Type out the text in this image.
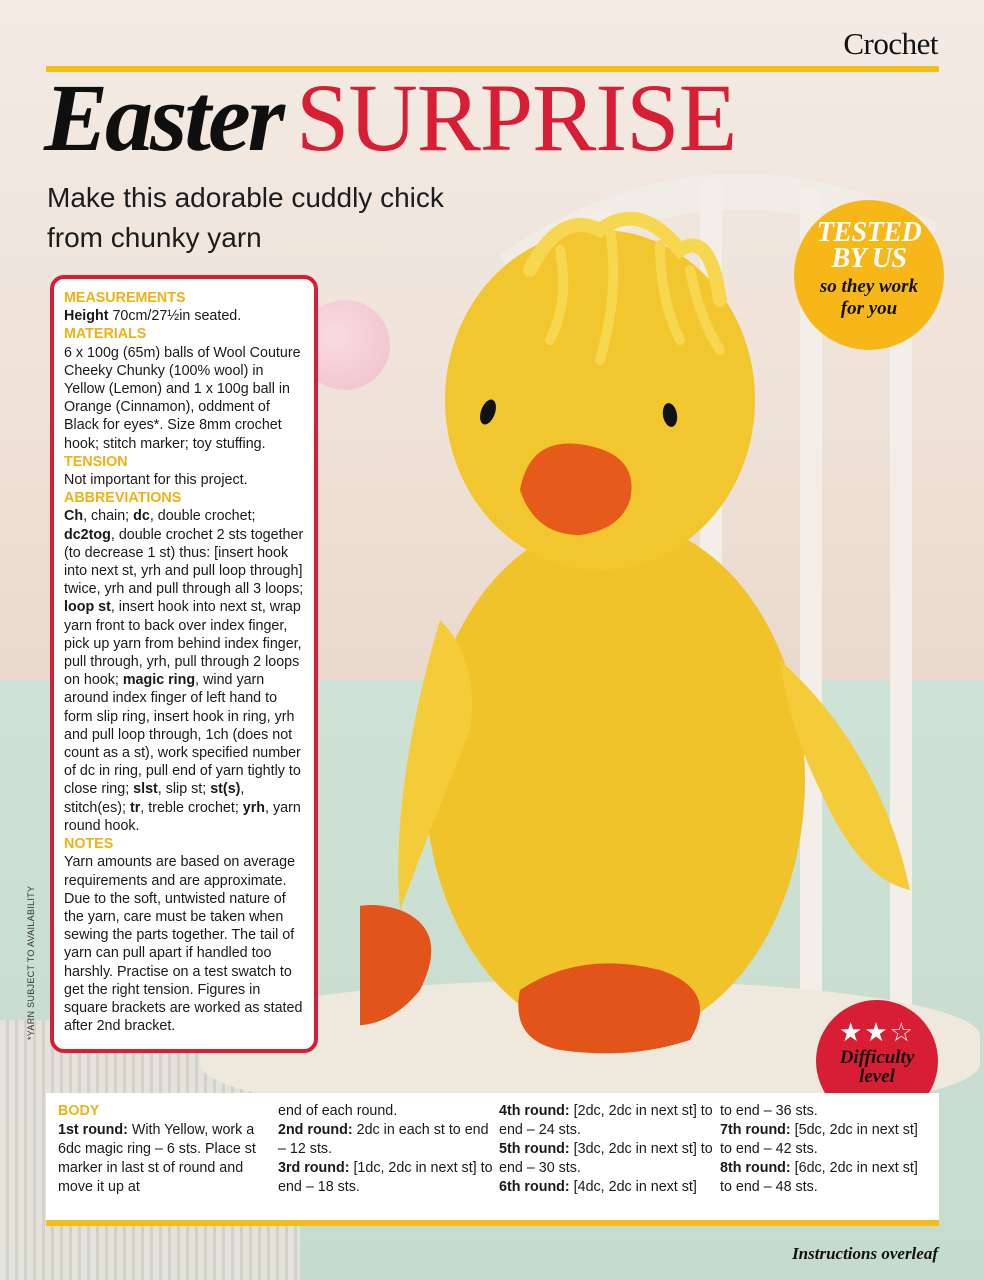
Crochet
Easter SURPRISE
Make this adorable cuddly chick from chunky yarn	TESTED
BY US
so they work
for you
MEASUREMENTS

Height 70cm/27½in seated.

MATERIALS

6 x 100g (65m) balls of Wool Couture Cheeky Chunky (100% wool) in Yellow (Lemon) and 1 x 100g ball in Orange (Cinnamon), oddment of Black for eyes*. Size 8mm crochet hook; stitch marker; toy stuffing.

TENSION

Not important for this project.

ABBREVIATIONS

Ch, chain; dc, double crochet; dc2tog, double crochet 2 sts together (to decrease 1 st) thus: [insert hook into next st, yrh and pull loop through] twice, yrh and pull through all 3 loops; loop st, insert hook into next st, wrap yarn front to back over index finger, pick up yarn from behind index finger, pull through, yrh, pull through 2 loops on hook; magic ring, wind yarn around index finger of left hand to form slip ring, insert hook in ring, yrh and pull loop through, 1ch (does not count as a st), work specified number of dc in ring, pull end of yarn tightly to close ring; slst, slip st; st(s), stitch(es); tr, treble crochet; yrh, yarn round hook.

NOTES

Yarn amounts are based on average requirements and are approximate. Due to the soft, untwisted nature of the yarn, care must be taken when sewing the parts together. The tail of yarn can pull apart if handled too harshly. Practise on a test swatch to get the right tension. Figures in square brackets are worked as stated after 2nd bracket.

*YARN SUBJECT TO AVAILABILITY	★★☆
Difficulty
level

BODY

1st round: With Yellow, work a 6dc magic ring – 6 sts. Place st marker in last st of round and move it up at

end of each round.

2nd round: 2dc in each st to end – 12 sts.

3rd round: [1dc, 2dc in next st] to end – 18 sts.

4th round: [2dc, 2dc in next st] to end – 24 sts.

5th round: [3dc, 2dc in next st] to end – 30 sts.

6th round: [4dc, 2dc in next st]

to end – 36 sts.

7th round: [5dc, 2dc in next st] to end – 42 sts.

8th round: [6dc, 2dc in next st] to end – 48 sts.

Instructions overleaf
